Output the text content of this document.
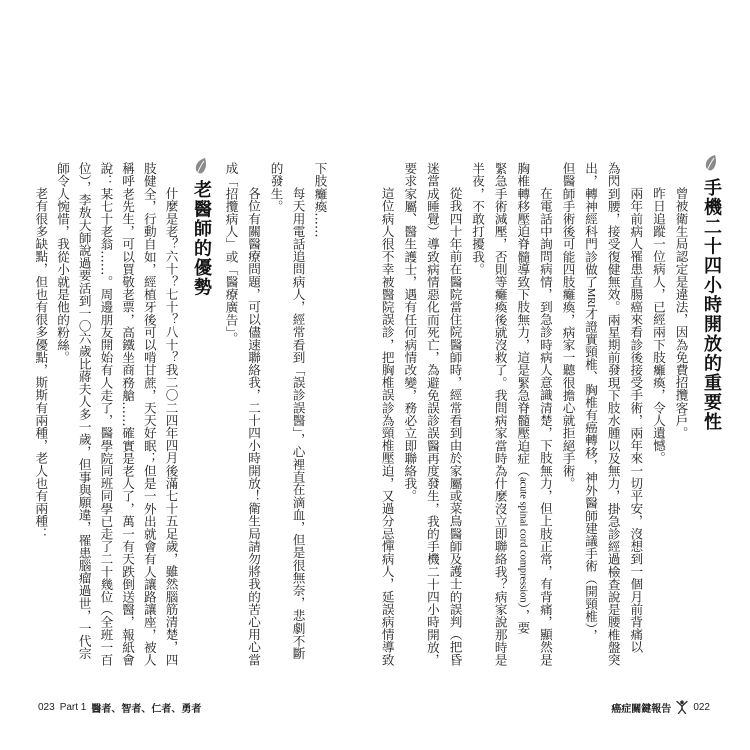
手機二十四小時開放的重要性
曾被衛生局認定是違法，因為免費招攬客戶。
昨日追蹤一位病人，已經兩下肢癱瘓，令人遺憾。
兩年前病人罹患直腸癌來看診後接受手術，兩年來一切平安，沒想到一個月前背痛以
為閃到腰，接受復健無效。兩星期前發現下肢水腫以及無力，掛急診經過檢查說是腰椎盤突
出，轉神經科門診做了MRI才證實頸椎、胸椎有癌轉移，神外醫師建議手術（開頸椎），
但醫師手術後可能四肢癱瘓，病家一聽很擔心就拒絕手術。
在電話中詢問病情，到急診時病人意識清楚，下肢無力，但上肢正常，有背痛，顯然是
胸椎轉移壓迫脊髓導致下肢無力，這是緊急脊髓壓迫症（acute spinal cord compression），要
緊急手術減壓，否則等癱瘓後就沒救了。我問病家當時為什麼沒立即聯絡我？病家說那時是
半夜，不敢打擾我。
從我四十年前在醫院當住院醫師時，經常看到由於家屬或菜鳥醫師及護士的誤判（把昏
迷當成睡覺）導致病情惡化而死亡，為避免誤診誤醫再度發生，我的手機二十四小時開放，
要求家屬、醫生護士，遇有任何病情改變，務必立即聯絡我。
這位病人很不幸被醫院誤診，把胸椎誤診為頸椎壓迫，又過分忌憚病人，延誤病情導致
癌症關鍵報告 022
下肢癱瘓……
每天用電話追問病人，經常看到「誤診誤醫」，心裡直在滴血，但是很無奈，悲劇不斷
的發生。
各位有關醫療問題，可以儘速聯絡我，二十四小時開放！衛生局請勿將我的苦心用心當
成「招攬病人」或「醫療廣告」。
老醫師的優勢
什麼是老？六十？七十？八十？我二〇二四年四月後滿七十五足歲，雖然腦筋清楚，四
肢健全，行動自如，經植牙後可以啃甘蔗，天天好眠；但是一外出就會有人讓路讓座，被人
稱呼老先生，可以買敬老票，高鐵坐商務艙……確實是老人了，萬一有天跌倒送醫，報紙會
說：某七十老翁……。周邊朋友開始有人走了，醫學院同班同學已走了二十幾位（全班一百
位），李敖大師說過要活到一〇六歲比蔣夫人多一歲，但事與願違，罹患腦瘤過世，一代宗
師令人惋惜，我從小就是他的粉絲。
老有很多缺點，但也有很多優點，斯斯有兩種，老人也有兩種：
023 Part 1 醫者、智者、仁者、勇者
